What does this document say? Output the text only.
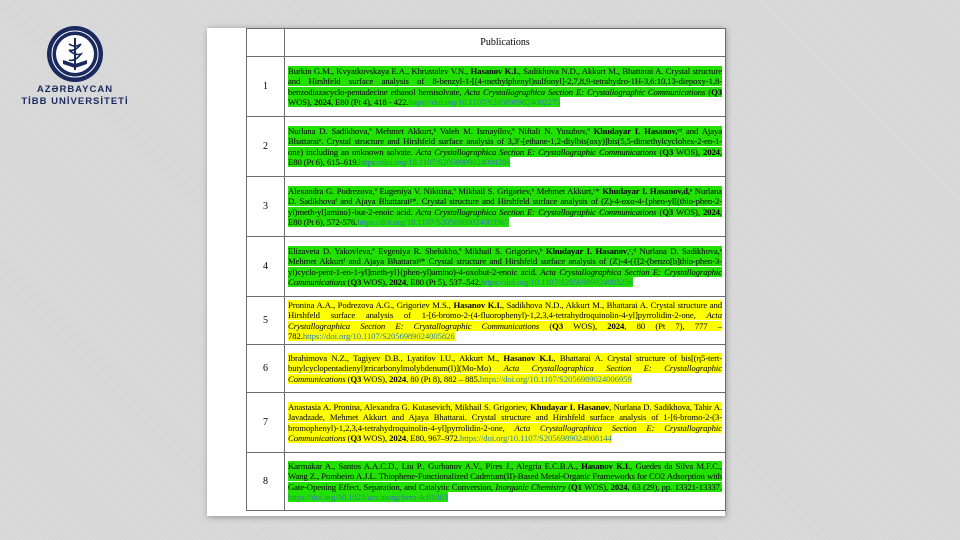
AZƏRBAYCAN
TİBB UNİVERSİTETİ
	Publications
1	Burkin G.M., Kvyatkovskaya E.A., Khrustalev V.N., Hasanov K.I., Sadikhova N.D., Akkurt M., Bhattarai A. Crystal structure and Hirshfeld surface analysis of 8-benzyl-1-[(4-methylphenyl)sulfonyl]-2,7,8,9-tetrahydro-1H-3,6:10,13-diepoxy-1,8-benzodiazacyclo-pentadecine ethanol hemisolvate, Acta Crystallographica Section E: Crystallographic Communications (Q3 WOS), 2024, E80 (Pt 4), 418 - 422.https://doi.org/10.1107/S2056989024002275
2	Nurlana D. Sadikhova,ª Mehmet Akkurt,ᵇ Valeh M. Ismayilov,ª Niftali N. Yusubov,ª Khudayar I. Hasanov,ᶜᵈ and Ajaya Bhattaraiᵉ. Crystal structure and Hirshfeld surface analysis of 3,3′-[ethane-1,2-diylbis(oxy)]bis(5,5-dimethylcyclohex-2-en-1-one) including an unknown solvate. Acta Crystallographica Section E: Crystallographic Communications (Q3 WOS), 2024, E80 (Pt 6), 615–619.https://doi.org/10.1107/S2056989024004286
3	Alexandra G. Podrezova,ª Eugeniya V. Nikitina,ª Mikhail S. Grigoriev,ᵇ Mehmet Akkurt,ᶜ* Khudayar I. Hasanov,d,ᵉ Nurlana D. Sadikhovaᶠ and Ajaya Bhattaraiᵍ*. Crystal structure and Hirshfeld surface analysis of (Z)-4-oxo-4-{phen-yl[(thio-phen-2-yl)meth-yl]amino}-but-2-enoic acid. Acta Crystallographica Section E: Crystallographic Communications (Q3 WOS), 2024, E80 (Pt 6), 572-576.https://doi.org/10.1107/S2056989024003967
4	Elizaveta D. Yakovleva,ª Evgeniya R. Shelukho,ª Mikhail S. Grigoriev,ᵇ Khudayar I. Hasanov,ᶜ,ᵈ Nurlana D. Sadikhova,ᵉ Mehmet Akkurtᶠ and Ajaya Bhattaraiᵍ* Crystal structure and Hirshfeld surface analysis of (Z)-4-({[2-(benzo[b]thio-phen-3-yl)cyclo-pent-1-en-1-yl]meth-yl}(phen-yl)amino)-4-oxobut-2-enoic acid. Acta Crystallographica Section E: Crystallographic Communications (Q3 WOS), 2024, E80 (Pt 5), 537–542.https://doi.org/10.1107/S2056989024003256
5	Pronina A.A., Podrezova A.G., Grigoriev M.S., Hasanov K.I., Sadikhova N.D., Akkurt M., Bhattarai A. Crystal structure and Hirshfeld surface analysis of 1-[6-bromo-2-(4-fluorophenyl)-1,2,3,4-tetrahydroquinolin-4-yl]pyrrolidin-2-one, Acta Crystallographica Section E: Crystallographic Communications (Q3 WOS), 2024, 80 (Pt 7), 777 – 782.https://doi.org/10.1107/S2056989024005826
6	Ibrahimova N.Z., Tagiyev D.B., Lyatifov I.U., Akkurt M., Hasanov K.I., Bhattarai A. Crystal structure of bis[(η5-tert-butylcyclopentadienyl)tricarbonylmolybdenum(I)](Mo-Mo) Acta Crystallographica Section E: Crystallographic Communications (Q3 WOS), 2024, 80 (Pt 8), 882 – 885.https://doi.org/10.1107/S2056989024006959
7	Anastasia A. Pronina, Alexandra G. Kutasevich, Mikhail S. Grigoriev, Khudayar I. Hasanov, Nurlana D. Sadikhova, Tahir A. Javadzade, Mehmet Akkurt and Ajaya Bhattarai. Crystal structure and Hirshfeld surface analysis of 1-[6-bromo-2-(3-bromophenyl)-1,2,3,4-tetrahydroquinolin-4-yl]pyrrolidin-2-one, Acta Crystallographica Section E: Crystallographic Communications (Q3 WOS), 2024, E80, 967–972.https://doi.org/10.1107/S2056989024008144
8	Karmakar A., Santos A.A.C.D., Liu P., Gurbanov A.V., Pires J., Alegria E.C.B.A., Hasanov K.I., Guedes da Silva M.F.C., Wang Z., Pombeiro A.J.L. Thiophene-Functionalized Cadmium(II)-Based Metal-Organic Frameworks for CO2 Adsorption with Gate-Opening Effect, Separation, and Catalytic Conversion, Inorganic Chemistry (Q1 WOS), 2024, 63 (29), pp. 13321-13337. https://doi.org/10.1021/acs.inorgchem.4c01063
